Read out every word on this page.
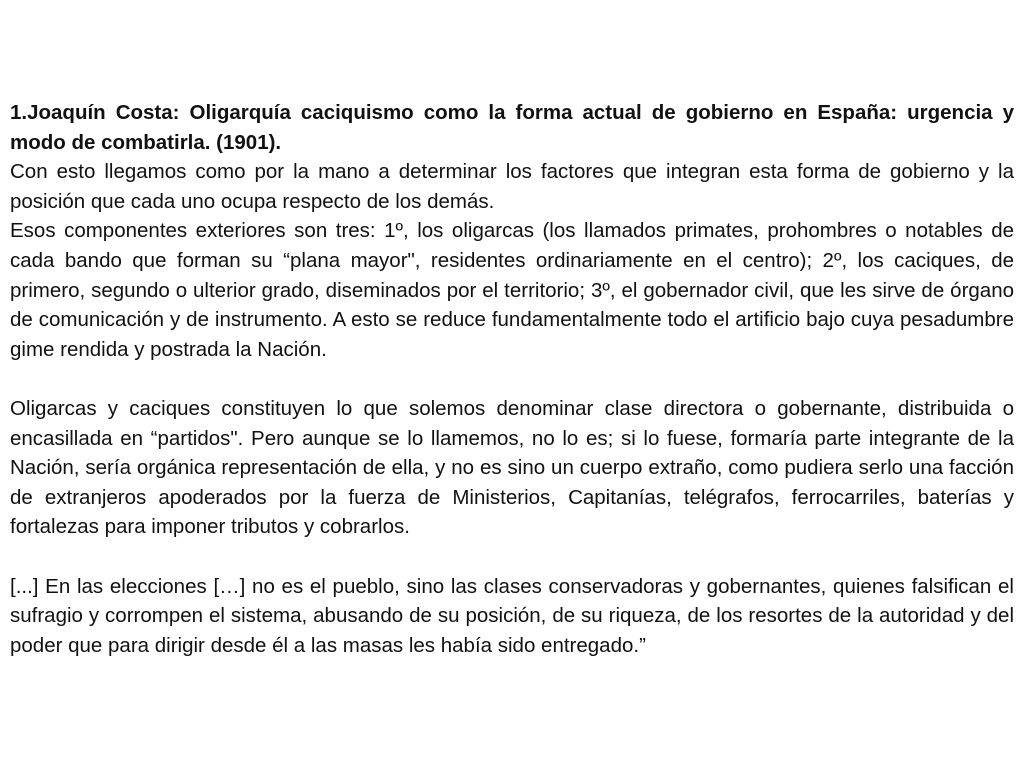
1.Joaquín Costa: Oligarquía caciquismo como la forma actual de gobierno en España: urgencia y modo de combatirla. (1901).

Con esto llegamos como por la mano a determinar los factores que integran esta forma de gobierno y la posición que cada uno ocupa respecto de los demás.

Esos componentes exteriores son tres: 1º, los oligarcas (los llamados primates, prohombres o notables de cada bando que forman su “plana mayor", residentes ordinariamente en el centro); 2º, los caciques, de primero, segundo o ulterior grado, diseminados por el territorio; 3º, el gobernador civil, que les sirve de órgano de comunicación y de instrumento. A esto se reduce fundamentalmente todo el artificio bajo cuya pesadumbre gime rendida y postrada la Nación.

Oligarcas y caciques constituyen lo que solemos denominar clase directora o gobernante, distribuida o encasillada en “partidos". Pero aunque se lo llamemos, no lo es; si lo fuese, formaría parte integrante de la Nación, sería orgánica representación de ella, y no es sino un cuerpo extraño, como pudiera serlo una facción de extranjeros apoderados por la fuerza de Ministerios, Capitanías, telégrafos, ferrocarriles, baterías y fortalezas para imponer tributos y cobrarlos.

[...] En las elecciones […] no es el pueblo, sino las clases conservadoras y gobernantes, quienes falsifican el sufragio y corrompen el sistema, abusando de su posición, de su riqueza, de los resortes de la autoridad y del poder que para dirigir desde él a las masas les había sido entregado.”
